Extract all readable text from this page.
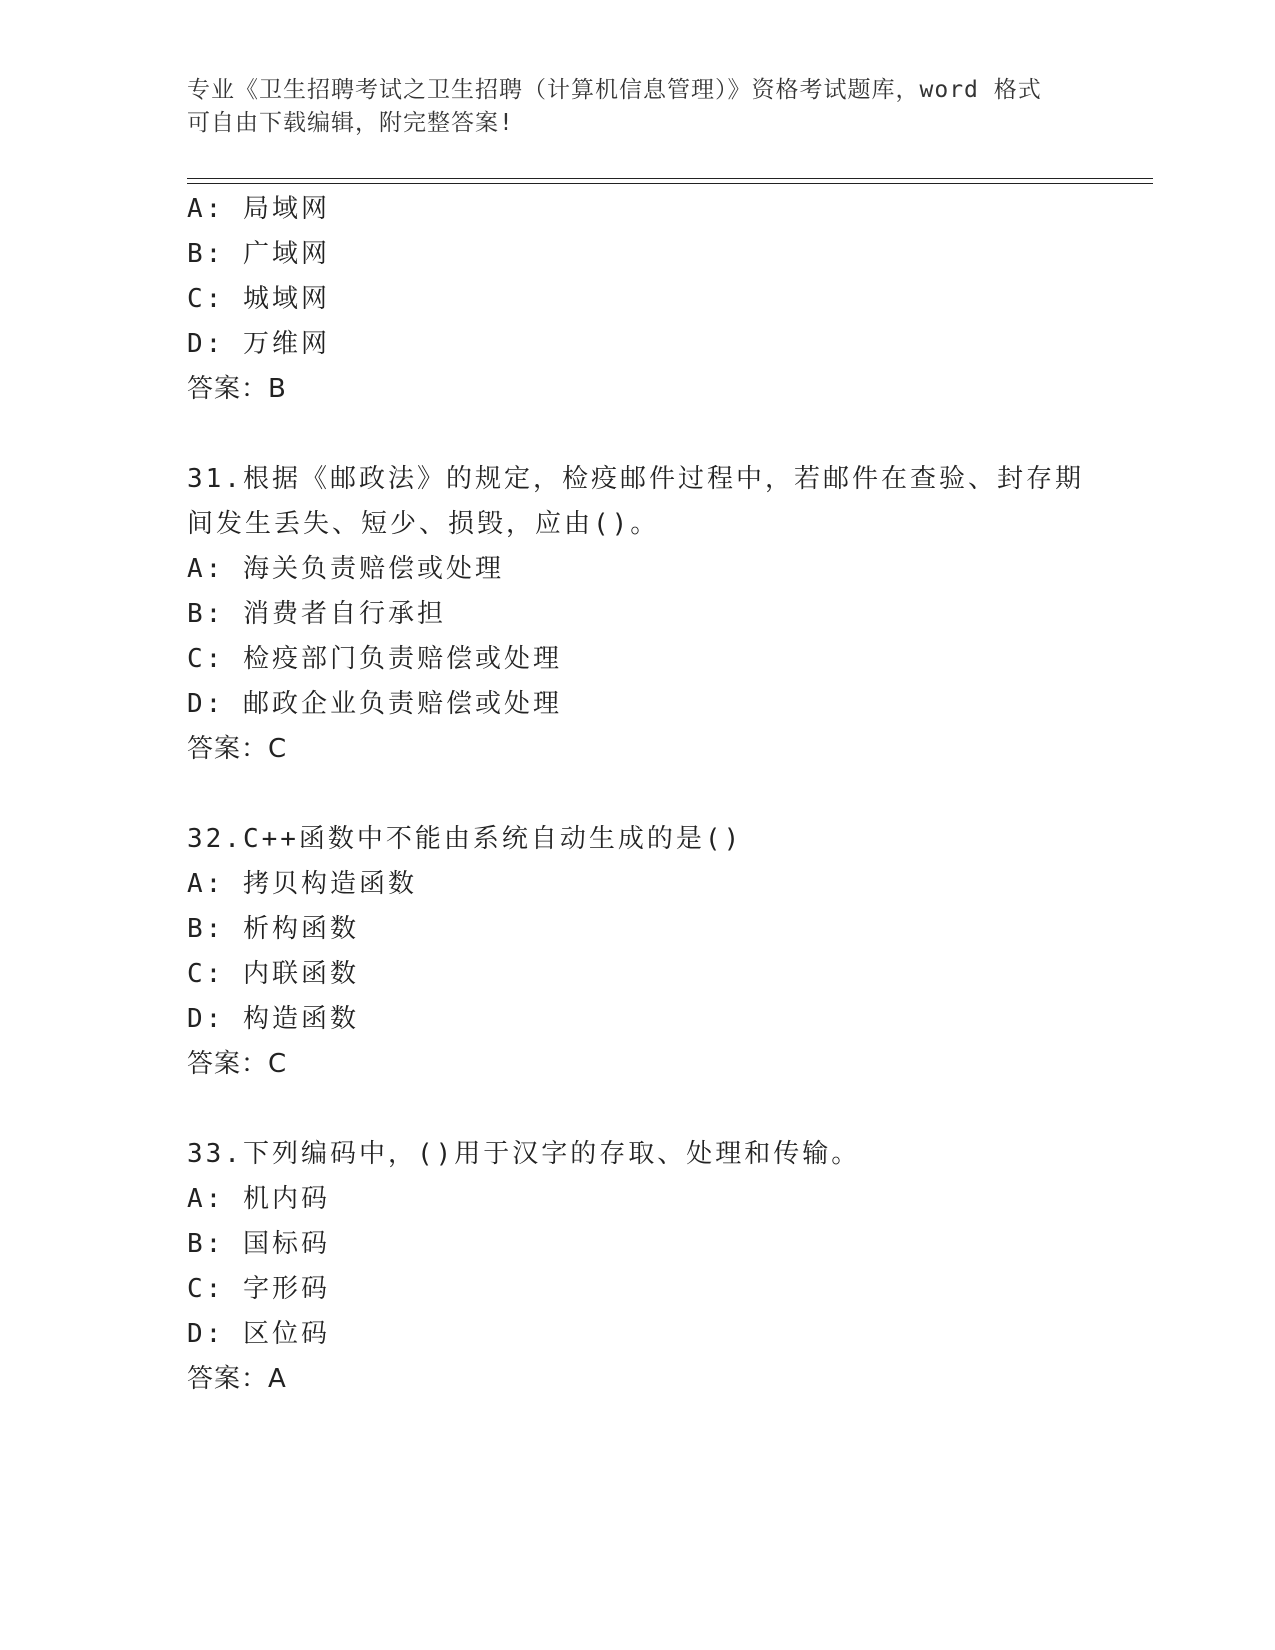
专业《卫生招聘考试之卫生招聘（计算机信息管理）》资格考试题库，word 格式
可自由下载编辑，附完整答案!
A: 局域网
B: 广域网
C: 城域网
D: 万维网
答案：B
31.根据《邮政法》的规定，检疫邮件过程中，若邮件在查验、封存期
间发生丢失、短少、损毁，应由()。
A: 海关负责赔偿或处理
B: 消费者自行承担
C: 检疫部门负责赔偿或处理
D: 邮政企业负责赔偿或处理
答案：C
32.C++函数中不能由系统自动生成的是()
A: 拷贝构造函数
B: 析构函数
C: 内联函数
D: 构造函数
答案：C
33.下列编码中，()用于汉字的存取、处理和传输。
A: 机内码
B: 国标码
C: 字形码
D: 区位码
答案：A
